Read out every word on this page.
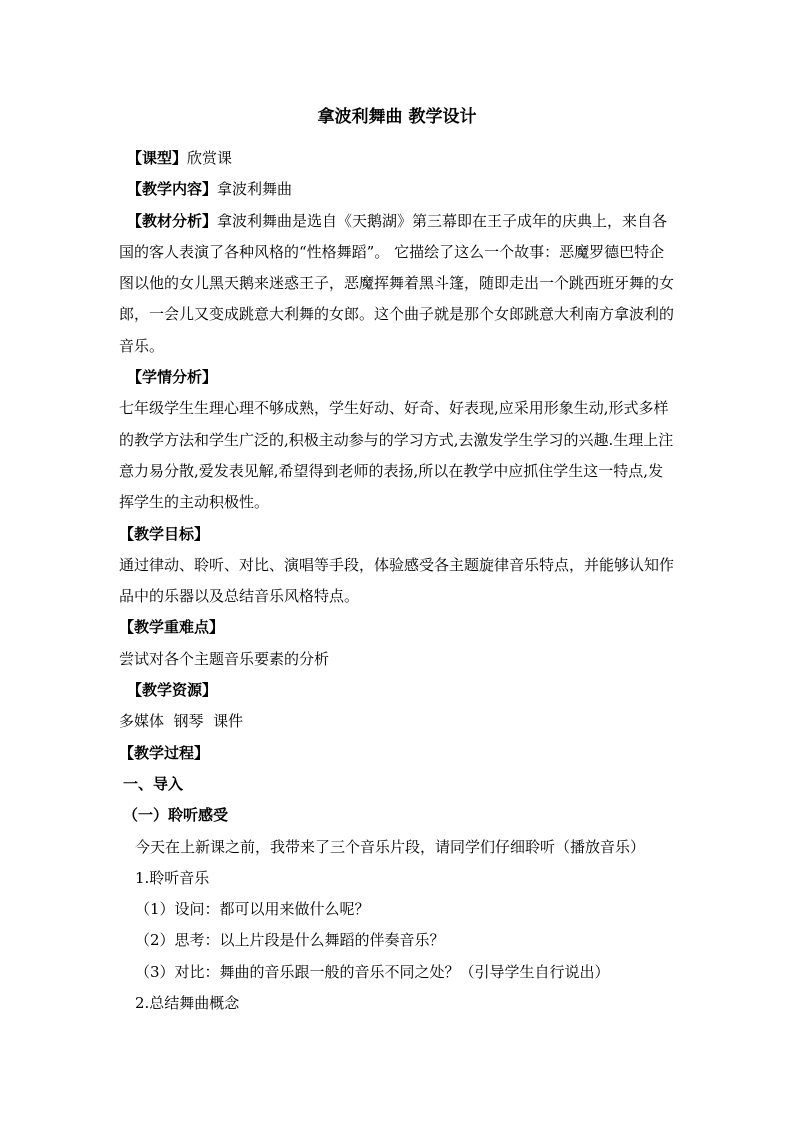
拿波利舞曲 教学设计

【课型】欣赏课

【教学内容】拿波利舞曲

【教材分析】拿波利舞曲是选自《天鹅湖》第三幕即在王子成年的庆典上，来自各国的客人表演了各种风格的“性格舞蹈”。 它描绘了这么一个故事：恶魔罗德巴特企图以他的女儿黑天鹅来迷惑王子，恶魔挥舞着黑斗篷，随即走出一个跳西班牙舞的女郎，一会儿又变成跳意大利舞的女郎。这个曲子就是那个女郎跳意大利南方拿波利的音乐。

【学情分析】

七年级学生生理心理不够成熟，学生好动、好奇、好表现,应采用形象生动,形式多样的教学方法和学生广泛的,积极主动参与的学习方式,去激发学生学习的兴趣.生理上注意力易分散,爱发表见解,希望得到老师的表扬,所以在教学中应抓住学生这一特点,发挥学生的主动积极性。

【教学目标】

通过律动、聆听、对比、演唱等手段，体验感受各主题旋律音乐特点，并能够认知作品中的乐器以及总结音乐风格特点。

【教学重难点】

尝试对各个主题音乐要素的分析

【教学资源】

多媒体  钢琴  课件

【教学过程】

一、导入

（一）聆听感受

今天在上新课之前，我带来了三个音乐片段，请同学们仔细聆听（播放音乐）

1.聆听音乐

（1）设问：都可以用来做什么呢？

（2）思考：以上片段是什么舞蹈的伴奏音乐？

（3）对比：舞曲的音乐跟一般的音乐不同之处？（引导学生自行说出）

2.总结舞曲概念
